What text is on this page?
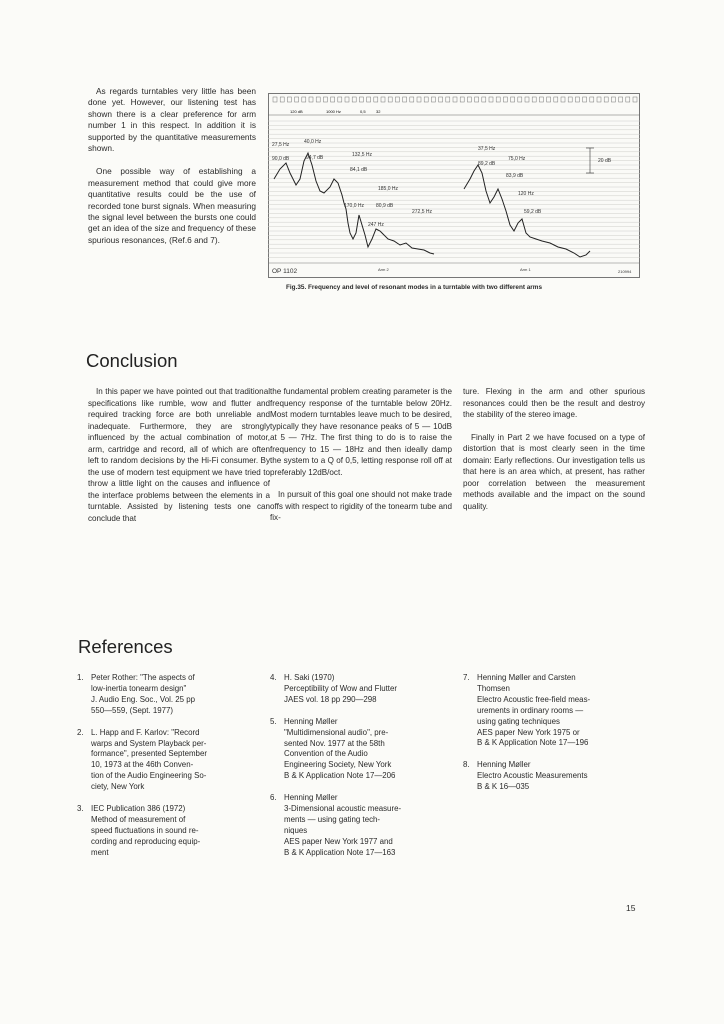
As regards turntables very little has been done yet. However, our listening test has shown there is a clear preference for arm number 1 in this respect. In addition it is supported by the quantitative measurements shown.

One possible way of establishing a measurement method that could give more quantitative results could be the use of recorded tone burst signals. When measuring the signal level between the bursts one could get an idea of the size and frequency of these spurious resonances, (Ref.6 and 7).

120 dB	1000 Hz	0,5	32
27,5 Hz	40,0 Hz
132,5 Hz
90,0 dB	94,7 dB
84,1 dB
185,0 Hz
170,0 Hz 80,9 dB
272,5 Hz
247 Hz
37,5 Hz
89,2 dB
75,0 Hz	20 dB
83,9 dB
120 Hz
59,2 dB
OP 1102	Arm 2	Arm 1	210994
Fig.35. Frequency and level of resonant modes in a turntable with two different arms
Conclusion

In this paper we have pointed out that traditional specifications like rumble, wow and flutter and required tracking force are both unreliable and inadequate. Furthermore, they are strongly influenced by the actual combination of motor, arm, cartridge and record, all of which are often left to random decisions by the Hi-Fi consumer. By the use of modern test equipment we have tried to throw a little light on the causes and influence of the interface problems between the elements in a turntable. Assisted by listening tests one can conclude that

the fundamental problem creating parameter is the frequency response of the turntable below 20Hz. Most modern turntables leave much to be desired, typically they have resonance peaks of 5 — 10dB at 5 — 7Hz. The first thing to do is to raise the frequency to 15 — 18Hz and then ideally damp the system to a Q of 0,5, letting response roll off at preferably 12dB/oct.

In pursuit of this goal one should not make trade offs with respect to rigidity of the tonearm tube and fix-

ture. Flexing in the arm and other spurious resonances could then be the result and destroy the stability of the stereo image.

Finally in Part 2 we have focused on a type of distortion that is most clearly seen in the time domain: Early reflections. Our investigation tells us that here is an area which, at present, has rather poor correlation between the measurement methods available and the impact on the sound quality.

References
1. Peter Rother: "The aspects of
low-inertia tonearm design"
J. Audio Eng. Soc., Vol. 25 pp
550—559, (Sept. 1977)
2. L. Happ and F. Karlov: "Record
warps and System Playback per-
formance", presented September
10, 1973 at the 46th Conven-
tion of the Audio Engineering So-
ciety, New York
3. IEC Publication 386 (1972)
Method of measurement of
speed fluctuations in sound re-
cording and reproducing equip-
ment
4. H. Saki (1970)
Perceptibility of Wow and Flutter
JAES vol. 18 pp 290—298
5. Henning Møller
"Multidimensional audio", pre-
sented Nov. 1977 at the 58th
Convention of the Audio
Engineering Society, New York
B & K Application Note 17—206
6. Henning Møller
3-Dimensional acoustic measure-
ments — using gating tech-
niques
AES paper New York 1977 and
B & K Application Note 17—163
7. Henning Møller and Carsten
Thomsen
Electro Acoustic free-field meas-
urements in ordinary rooms —
using gating techniques
AES paper New York 1975 or
B & K Application Note 17—196
8. Henning Møller
Electro Acoustic Measurements
B & K 16—035
15
